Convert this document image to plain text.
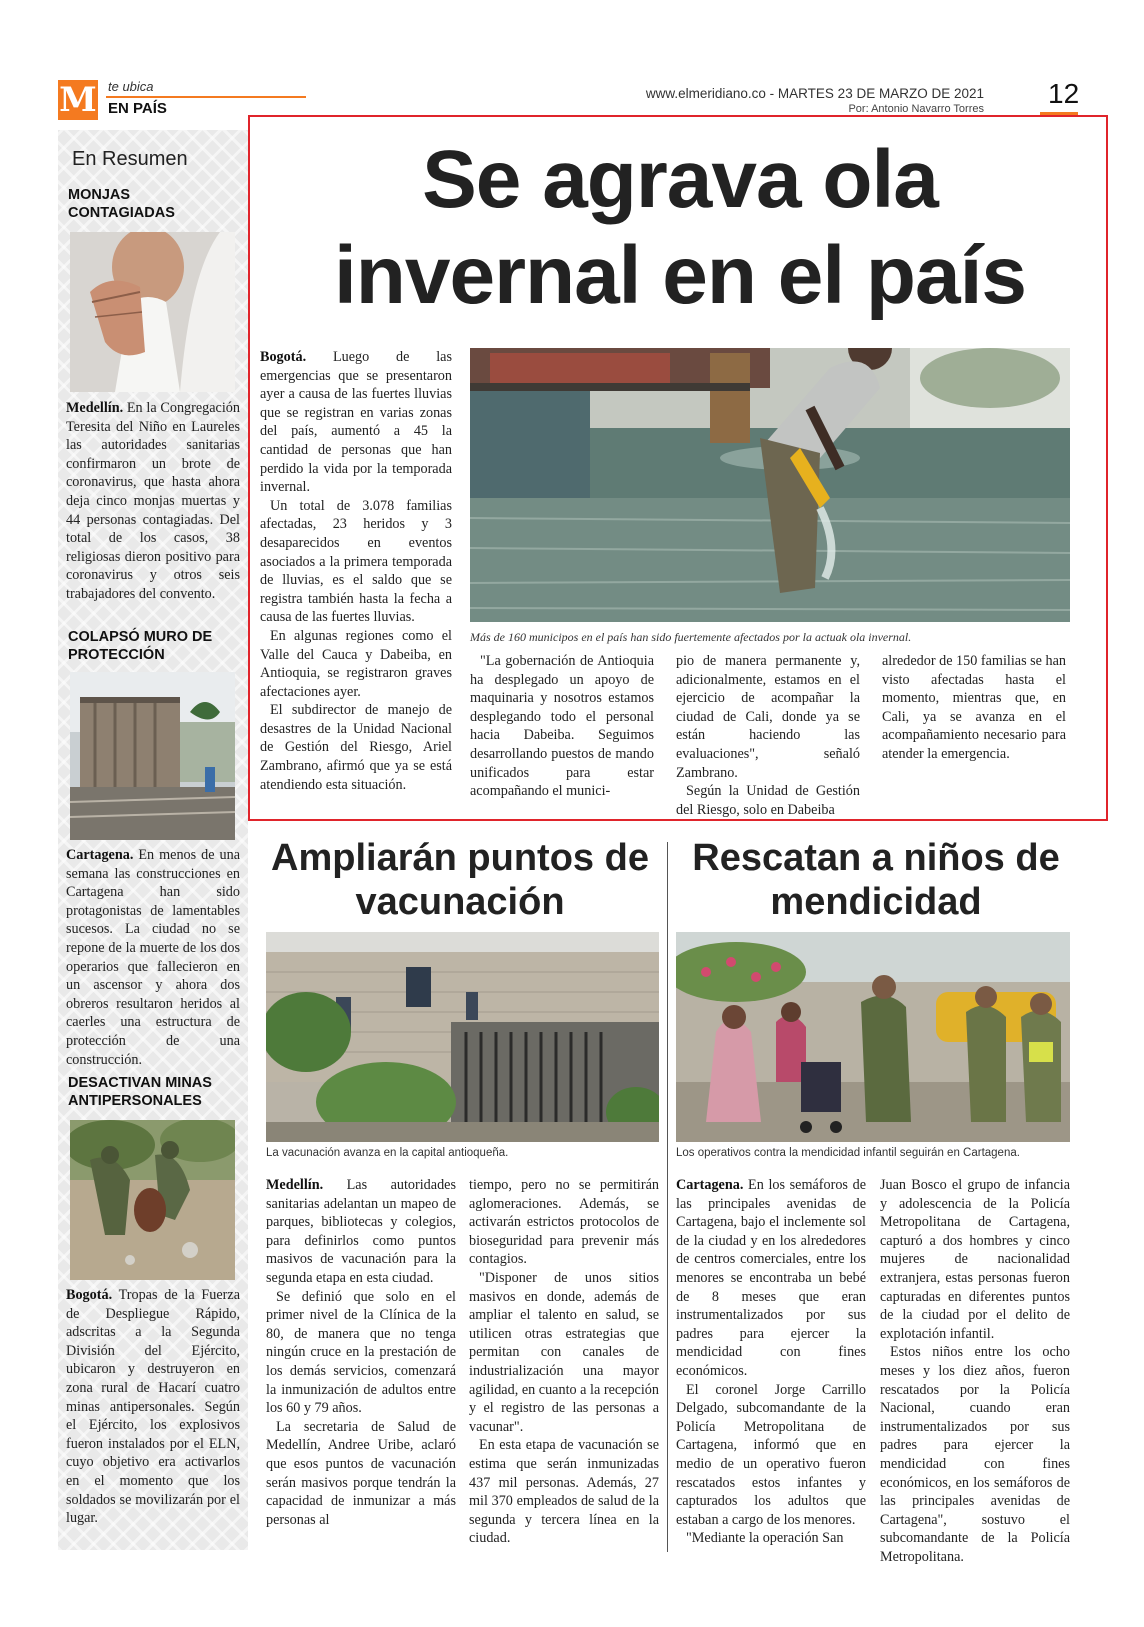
M te ubica
EN PAÍS
www.elmeridiano.co - MARTES 23 DE MARZO DE 2021
Por: Antonio Navarro Torres 12
En Resumen
MONJAS CONTAGIADAS

Medellín. En la Congregación Teresita del Niño en Laureles las autoridades sanitarias confirmaron un brote de coronavirus, que hasta ahora deja cinco monjas muertas y 44 personas contagiadas. Del total de los casos, 38 religiosas dieron positivo para coronavirus y otros seis trabajadores del convento.

COLAPSÓ MURO DE PROTECCIÓN

Cartagena. En menos de una semana las construcciones en Cartagena han sido protagonistas de lamentables sucesos. La ciudad no se repone de la muerte de los dos operarios que fallecieron en un ascensor y ahora dos obreros resultaron heridos al caerles una estructura de protección de una construcción.

DESACTIVAN MINAS ANTIPERSONALES

Bogotá. Tropas de la Fuerza de Despliegue Rápido, adscritas a la Segunda División del Ejército, ubicaron y destruyeron en zona rural de Hacarí cuatro minas antipersonales. Según el Ejército, los explosivos fueron instalados por el ELN, cuyo objetivo era activarlos en el momento que los soldados se movilizarán por el lugar.

Se agrava ola invernal en el país
Más de 160 municipos en el país han sido fuertemente afectados por la actuak ola invernal.

Bogotá. Luego de las emergencias que se presentaron ayer a causa de las fuertes lluvias que se registran en varias zonas del país, aumentó a 45 la cantidad de personas que han perdido la vida por la temporada invernal.

Un total de 3.078 familias afectadas, 23 heridos y 3 desaparecidos en eventos asociados a la primera temporada de lluvias, es el saldo que se registra también hasta la fecha a causa de las fuertes lluvias.

En algunas regiones como el Valle del Cauca y Dabeiba, en Antioquia, se registraron graves afectaciones ayer.

El subdirector de manejo de desastres de la Unidad Nacional de Gestión del Riesgo, Ariel Zambrano, afirmó que ya se está atendiendo esta situación.

"La gobernación de Antioquia ha desplegado un apoyo de maquinaria y nosotros estamos desplegando todo el personal hacia Dabeiba. Seguimos desarrollando puestos de mando unificados para estar acompañando el munici-

pio de manera permanente y, adicionalmente, estamos en el ejercicio de acompañar la ciudad de Cali, donde ya se están haciendo las evaluaciones", señaló Zambrano.

Según la Unidad de Gestión del Riesgo, solo en Dabeiba

alrededor de 150 familias se han visto afectadas hasta el momento, mientras que, en Cali, ya se avanza en el acompañamiento necesario para atender la emergencia.

Ampliarán puntos de vacunación
La vacunación avanza en la capital antioqueña.

Medellín. Las autoridades sanitarias adelantan un mapeo de parques, bibliotecas y colegios, para definirlos como puntos masivos de vacunación para la segunda etapa en esta ciudad.

Se definió que solo en el primer nivel de la Clínica de la 80, de manera que no tenga ningún cruce en la prestación de los demás servicios, comenzará la inmunización de adultos entre los 60 y 79 años.

La secretaria de Salud de Medellín, Andree Uribe, aclaró que esos puntos de vacunación serán masivos porque tendrán la capacidad de inmunizar a más personas al

tiempo, pero no se permitirán aglomeraciones. Además, se activarán estrictos protocolos de bioseguridad para prevenir más contagios.

"Disponer de unos sitios masivos en donde, además de ampliar el talento en salud, se utilicen otras estrategias que permitan con canales de industrialización una mayor agilidad, en cuanto a la recepción y el registro de las personas a vacunar".

En esta etapa de vacunación se estima que serán inmunizadas 437 mil personas. Además, 27 mil 370 empleados de salud de la segunda y tercera línea en la ciudad.

Rescatan a niños de mendicidad
Los operativos contra la mendicidad infantil seguirán en Cartagena.

Cartagena. En los semáforos de las principales avenidas de Cartagena, bajo el inclemente sol de la ciudad y en los alrededores de centros comerciales, entre los menores se encontraba un bebé de 8 meses que eran instrumentalizados por sus padres para ejercer la mendicidad con fines económicos.

El coronel Jorge Carrillo Delgado, subcomandante de la Policía Metropolitana de Cartagena, informó que en medio de un operativo fueron rescatados estos infantes y capturados los adultos que estaban a cargo de los menores.

"Mediante la operación San

Juan Bosco el grupo de infancia y adolescencia de la Policía Metropolitana de Cartagena, capturó a dos hombres y cinco mujeres de nacionalidad extranjera, estas personas fueron capturadas en diferentes puntos de la ciudad por el delito de explotación infantil.

Estos niños entre los ocho meses y los diez años, fueron rescatados por la Policía Nacional, cuando eran instrumentalizados por sus padres para ejercer la mendicidad con fines económicos, en los semáforos de las principales avenidas de Cartagena", sostuvo el subcomandante de la Policía Metropolitana.
